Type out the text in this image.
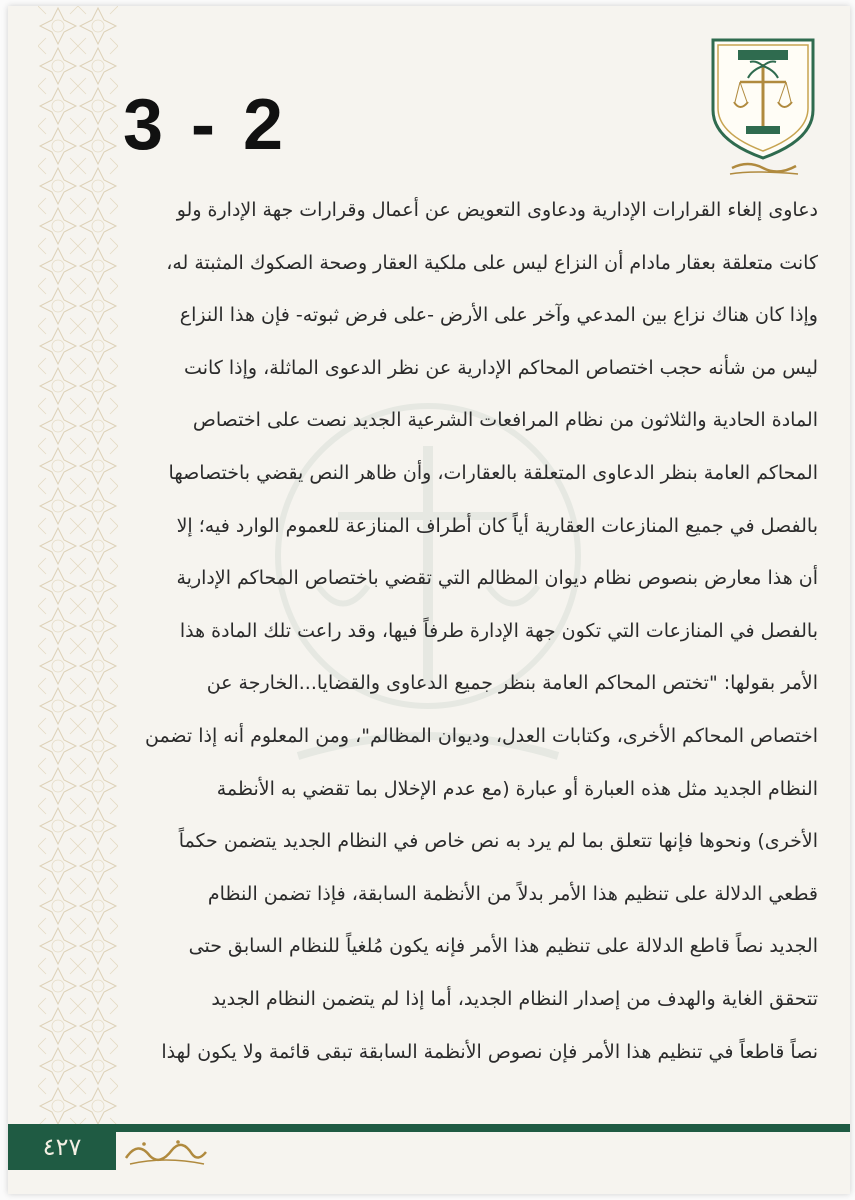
3 - 2
دعاوى إلغاء القرارات الإدارية ودعاوى التعويض عن أعمال وقرارات جهة الإدارة ولو
كانت متعلقة بعقار مادام أن النزاع ليس على ملكية العقار وصحة الصكوك المثبتة له،
وإذا كان هناك نزاع بين المدعي وآخر على الأرض -على فرض ثبوته- فإن هذا النزاع
ليس من شأنه حجب اختصاص المحاكم الإدارية عن نظر الدعوى الماثلة، وإذا كانت
المادة الحادية والثلاثون من نظام المرافعات الشرعية الجديد نصت على اختصاص
المحاكم العامة بنظر الدعاوى المتعلقة بالعقارات، وأن ظاهر النص يقضي باختصاصها
بالفصل في جميع المنازعات العقارية أياً كان أطراف المنازعة للعموم الوارد فيه؛ إلا
أن هذا معارض بنصوص نظام ديوان المظالم التي تقضي باختصاص المحاكم الإدارية
بالفصل في المنازعات التي تكون جهة الإدارة طرفاً فيها، وقد راعت تلك المادة هذا
الأمر بقولها: "تختص المحاكم العامة بنظر جميع الدعاوى والقضايا...الخارجة عن
اختصاص المحاكم الأخرى، وكتابات العدل، وديوان المظالم"، ومن المعلوم أنه إذا تضمن
النظام الجديد مثل هذه العبارة أو عبارة (مع عدم الإخلال بما تقضي به الأنظمة
الأخرى) ونحوها فإنها تتعلق بما لم يرد به نص خاص في النظام الجديد يتضمن حكماً
قطعي الدلالة على تنظيم هذا الأمر بدلاً من الأنظمة السابقة، فإذا تضمن النظام
الجديد نصاً قاطع الدلالة على تنظيم هذا الأمر فإنه يكون مُلغياً للنظام السابق حتى
تتحقق الغاية والهدف من إصدار النظام الجديد، أما إذا لم يتضمن النظام الجديد
نصاً قاطعاً في تنظيم هذا الأمر فإن نصوص الأنظمة السابقة تبقى قائمة ولا يكون لهذا
٤٢٧
